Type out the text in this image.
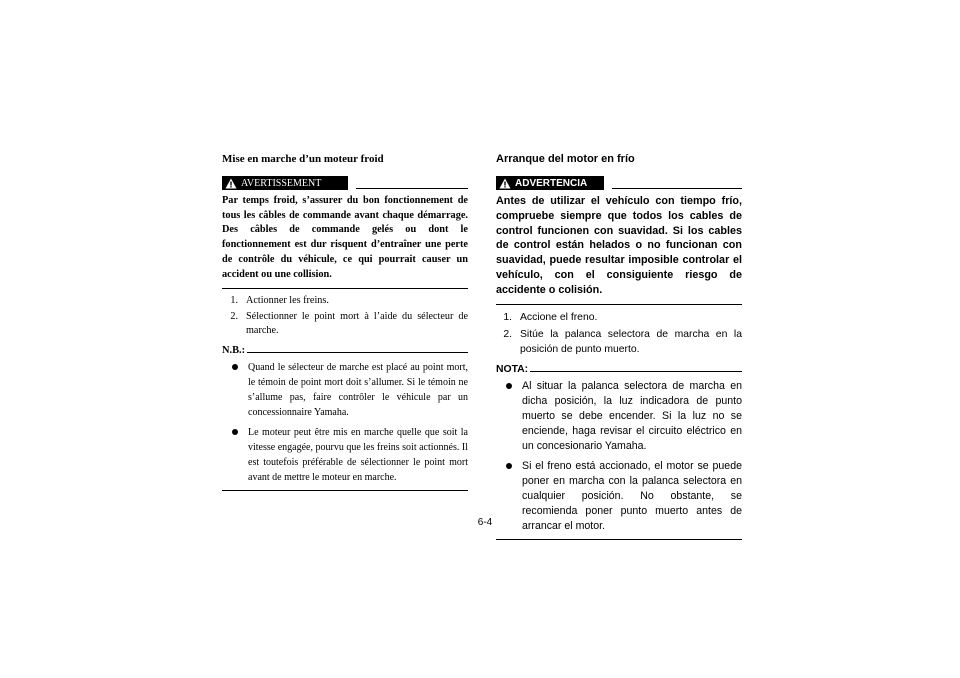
Mise en marche d’un moteur froid
AVERTISSEMENT

Par temps froid, s’assurer du bon fonctionnement de tous les câbles de commande avant chaque démarrage. Des câbles de commande gelés ou dont le fonctionnement est dur risquent d’entraîner une perte de contrôle du véhicule, ce qui pourrait causer un accident ou une collision.

1. Actionner les freins.
2. Sélectionner le point mort à l’aide du sélecteur de marche.
N.B.:
Quand le sélecteur de marche est placé au point mort, le témoin de point mort doit s’allumer. Si le témoin ne s’allume pas, faire contrôler le véhicule par un concessionnaire Yamaha.
Le moteur peut être mis en marche quelle que soit la vitesse engagée, pourvu que les freins soit actionnés. Il est toutefois préférable de sélectionner le point mort avant de mettre le moteur en marche.
Arranque del motor en frío
ADVERTENCIA

Antes de utilizar el vehículo con tiempo frío, compruebe siempre que todos los cables de control funcionen con suavidad. Si los cables de control están helados o no funcionan con suavidad, puede resultar imposible controlar el vehículo, con el consiguiente riesgo de accidente o colisión.

1. Accione el freno.
2. Sitúe la palanca selectora de marcha en la posición de punto muerto.
NOTA:
Al situar la palanca selectora de marcha en dicha posición, la luz indicadora de punto muerto se debe encender. Si la luz no se enciende, haga revisar el circuito eléctrico en un concesionario Yamaha.
Si el freno está accionado, el motor se puede poner en marcha con la palanca selectora en cualquier posición. No obstante, se recomienda poner punto muerto antes de arrancar el motor.
6-4
